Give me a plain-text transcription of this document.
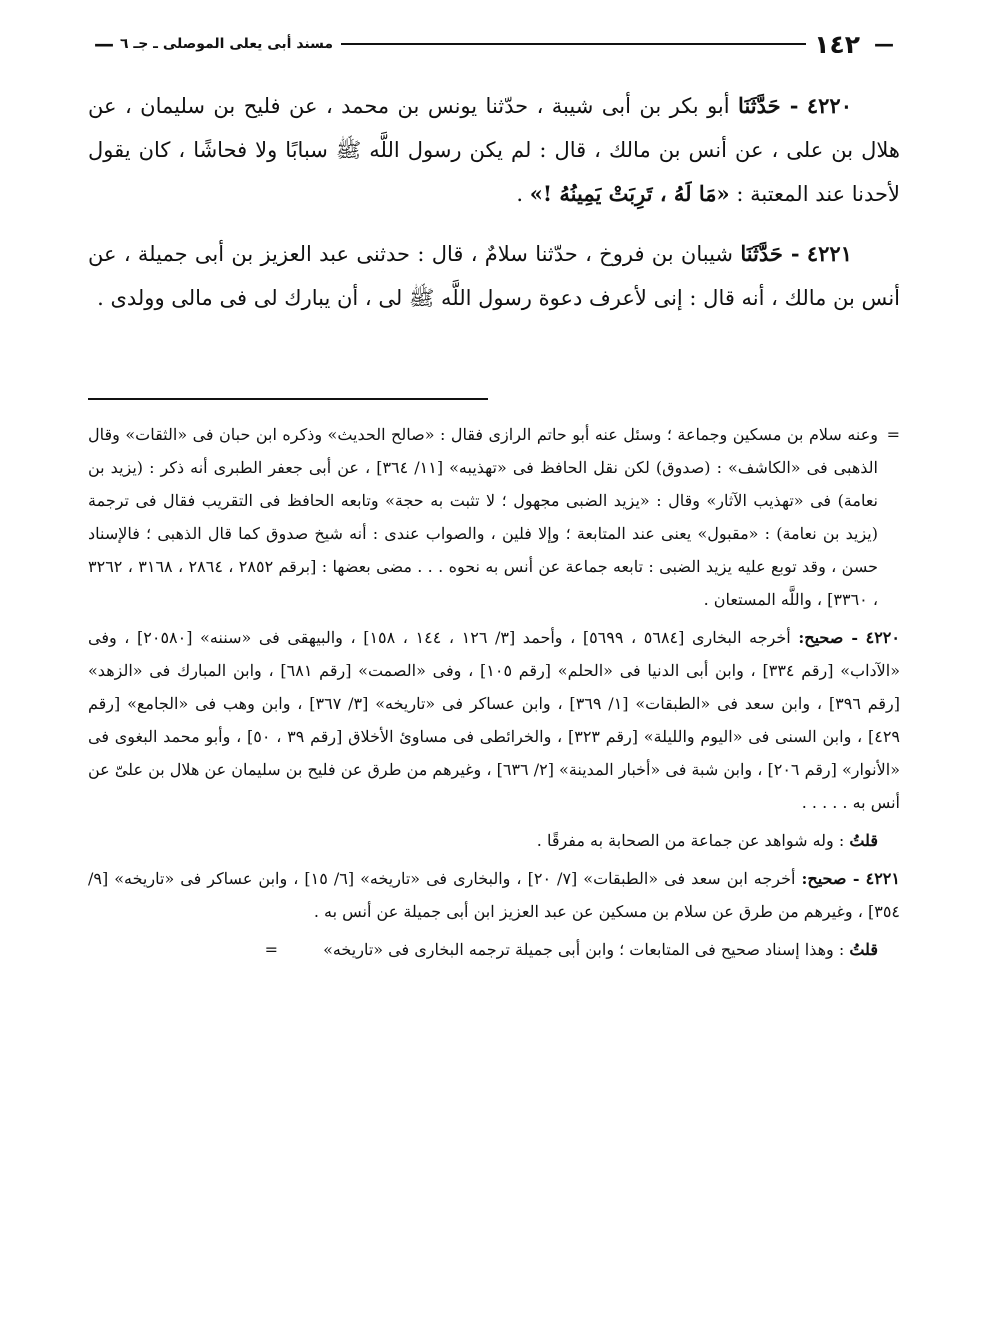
—
١٤٢
مسند أبى يعلى الموصلى ـ جـ ٦
—

٤٢٢٠ - حَدَّثَنَا أبو بكر بن أبى شيبة ، حدّثنا يونس بن محمد ، عن فليح بن سليمان ، عن هلال بن على ، عن أنس بن مالك ، قال : لم يكن رسول اللَّه ﷺ سبابًا ولا فحاشًا ، كان يقول لأحدنا عند المعتبة : «مَا لَهُ ، تَرِبَتْ يَمِينُهُ !» .

٤٢٢١ - حَدَّثَنَا شيبان بن فروخ ، حدّثنا سلامٌ ، قال : حدثنى عبد العزيز بن أبى جميلة ، عن أنس بن مالك ، أنه قال : إنى لأعرف دعوة رسول اللَّه ﷺ لى ، أن يبارك لى فى مالى وولدى .

=
وعنه سلام بن مسكين وجماعة ؛ وسئل عنه أبو حاتم الرازى فقال : «صالح الحديث» وذكره ابن حبان فى «الثقات» وقال الذهبى فى «الكاشف» : (صدوق) لكن نقل الحافظ فى «تهذيبه» [١١/ ٣٦٤] ، عن أبى جعفر الطبرى أنه ذكر : (يزيد بن نعامة) فى «تهذيب الآثار» وقال : «يزيد الضبى مجهول ؛ لا تثبت به حجة» وتابعه الحافظ فى التقريب فقال فى ترجمة (يزيد بن نعامة) : «مقبول» يعنى عند المتابعة ؛ وإلا فلين ، والصواب عندى : أنه شيخ صدوق كما قال الذهبى ؛ فالإسناد حسن ، وقد توبع عليه يزيد الضبى : تابعه جماعة عن أنس به نحوه . . . مضى بعضها : [برقم ٢٨٥٢ ، ٢٨٦٤ ، ٣١٦٨ ، ٣٢٦٢ ، ٣٣٦٠] ، واللَّه المستعان .

٤٢٢٠ - صحيح: أخرجه البخارى [٥٦٨٤ ، ٥٦٩٩] ، وأحمد [٣/ ١٢٦ ، ١٤٤ ، ١٥٨] ، والبيهقى فى «سننه» [٢٠٥٨٠] ، وفى «الآداب» [رقم ٣٣٤] ، وابن أبى الدنيا فى «الحلم» [رقم ١٠٥] ، وفى «الصمت» [رقم ٦٨١] ، وابن المبارك فى «الزهد» [رقم ٣٩٦] ، وابن سعد فى «الطبقات» [١/ ٣٦٩] ، وابن عساكر فى «تاريخه» [٣/ ٣٦٧] ، وابن وهب فى «الجامع» [رقم ٤٢٩] ، وابن السنى فى «اليوم والليلة» [رقم ٣٢٣] ، والخرائطى فى مساوئ الأخلاق [رقم ٣٩ ، ٥٠] ، وأبو محمد البغوى فى «الأنوار» [رقم ٢٠٦] ، وابن شبة فى «أخبار المدينة» [٢/ ٦٣٦] ، وغيرهم من طرق عن فليح بن سليمان عن هلال بن علىّ عن أنس به . . . . .

قلتُ : وله شواهد عن جماعة من الصحابة به مفرقًا .

٤٢٢١ - صحيح: أخرجه ابن سعد فى «الطبقات» [٧/ ٢٠] ، والبخارى فى «تاريخه» [٦/ ١٥] ، وابن عساكر فى «تاريخه» [٩/ ٣٥٤] ، وغيرهم من طرق عن سلام بن مسكين عن عبد العزيز ابن أبى جميلة عن أنس به .

قلتُ : وهذا إسناد صحيح فى المتابعات ؛ وابن أبى جميلة ترجمه البخارى فى «تاريخه» =
